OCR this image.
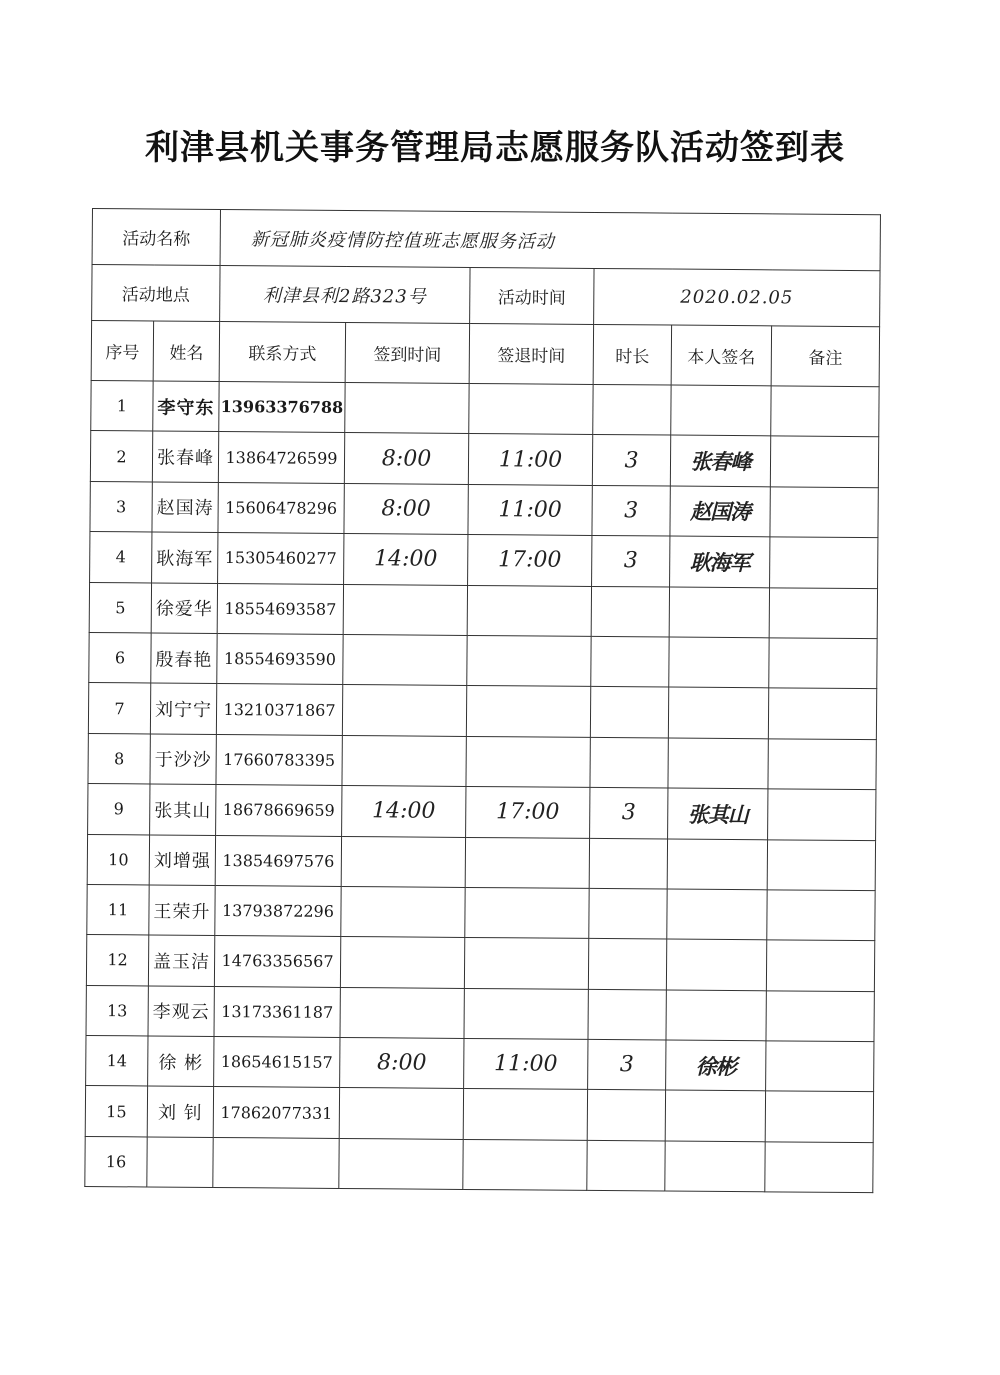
利津县机关事务管理局志愿服务队活动签到表
活动名称		新冠肺炎疫情防控值班志愿服务活动					
活动地点		利津县利2路323号		活动时间	2020.02.05		
序号	姓名	联系方式	签到时间	签退时间	时长	本人签名	备注
1	李守东	13963376788					
2	张春峰	13864726599	8:00	11:00	3	张春峰	
3	赵国涛	15606478296	8:00	11:00	3	赵国涛	
4	耿海军	15305460277	14:00	17:00	3	耿海军	
5	徐爱华	18554693587					
6	殷春艳	18554693590					
7	刘宁宁	13210371867					
8	于沙沙	17660783395					
9	张其山	18678669659	14:00	17:00	3	张其山	
10	刘增强	13854697576					
11	王荣升	13793872296					
12	盖玉洁	14763356567					
13	李观云	13173361187					
14	徐 彬	18654615157	8:00	11:00	3	徐彬	
15	刘 钊	17862077331					
16							
